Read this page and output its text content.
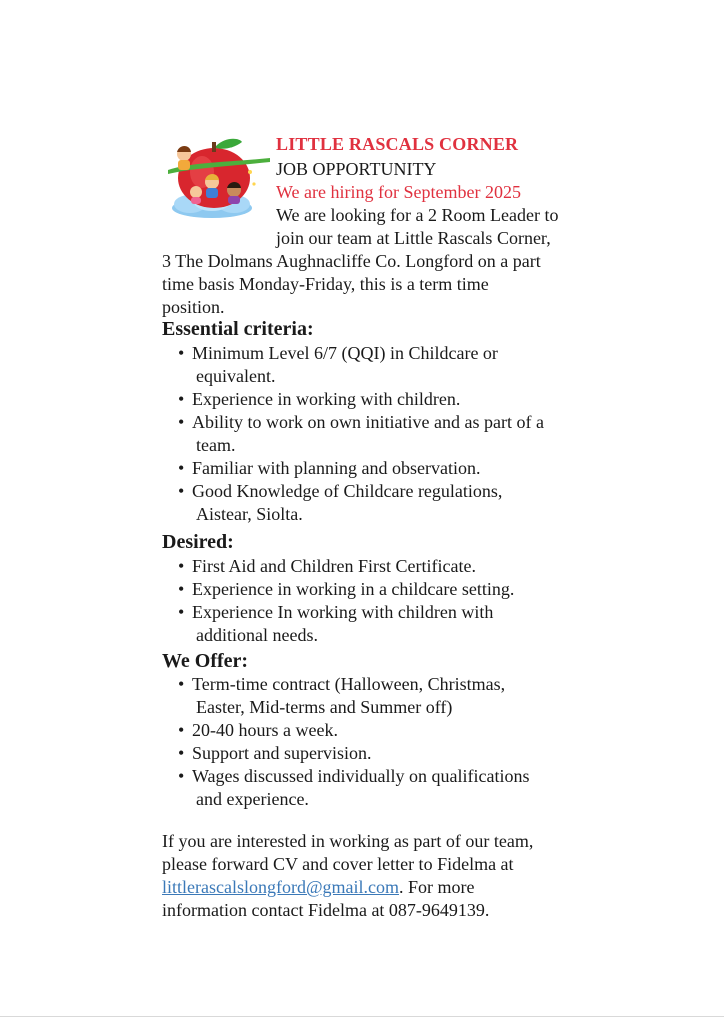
LITTLE RASCALS CORNER
JOB OPPORTUNITY
We are hiring for September 2025
We are looking for a 2 Room Leader to
join our team at Little Rascals Corner,
3 The Dolmans Aughnacliffe Co. Longford on a part
time basis Monday-Friday, this is a term time
position.
Essential criteria:
• Minimum Level 6/7 (QQI) in Childcare or
equivalent.
• Experience in working with children.
• Ability to work on own initiative and as part of a
team.
• Familiar with planning and observation.
• Good Knowledge of Childcare regulations,
Aistear, Siolta.
Desired:
• First Aid and Children First Certificate.
• Experience in working in a childcare setting.
• Experience In working with children with
additional needs.
We Offer:
• Term-time contract (Halloween, Christmas,
Easter, Mid-terms and Summer off)
• 20-40 hours a week.
• Support and supervision.
• Wages discussed individually on qualifications
and experience.
If you are interested in working as part of our team,
please forward CV and cover letter to Fidelma at
littlerascalslongford@gmail.com. For more
information contact Fidelma at 087-9649139.
